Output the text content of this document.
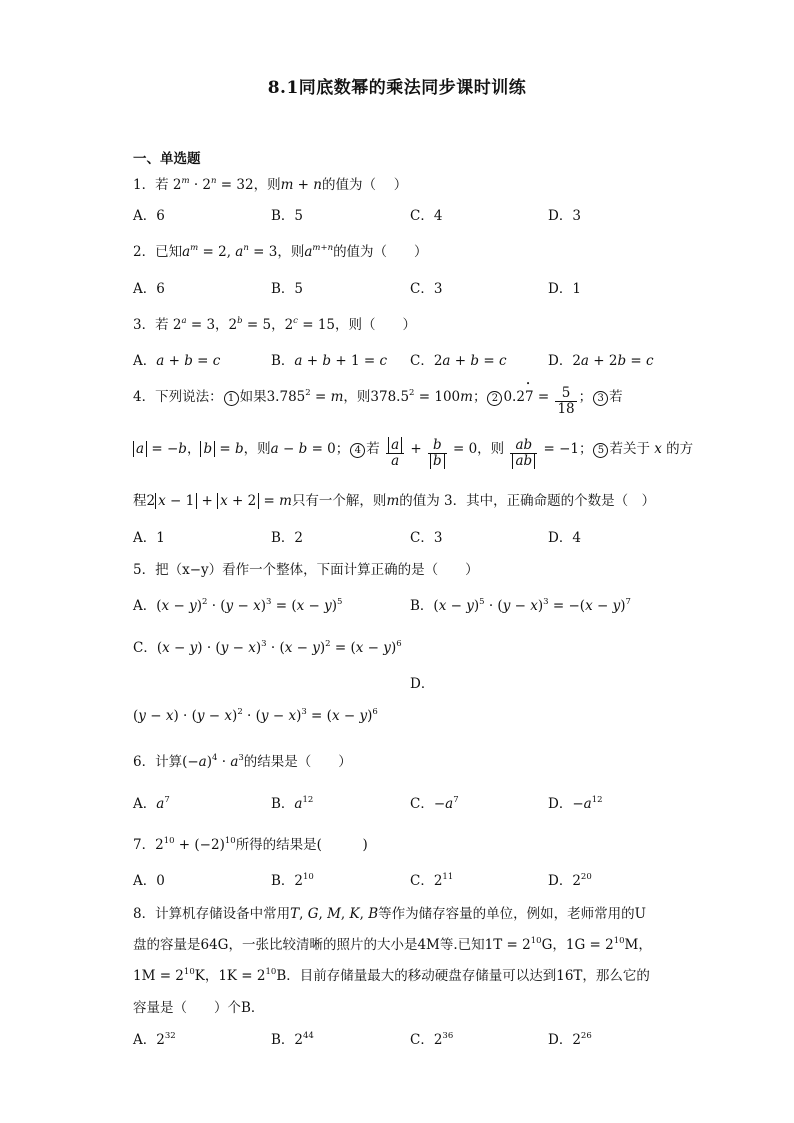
8.1同底数幂的乘法同步课时训练
一、单选题
1．若 $2^m \cdot 2^n = 32$，则m + n的值为（　 ）
A．6	B．5	C．4	D．3
2．已知$a^m = 2$, $a^n = 3$，则$a^{m+n}$的值为（　　）
A．6	B．5	C．3	D．1
3．若 $2^a = 3$，$2^b = 5$，$2^c = 15$，则（　　）
A．a + b = c	B．a + b + 1 = c C．2a + b = c	D．2a + 2b = c
4．下列说法： 1 如果$3.785^2 = m$，则$378.5^2 = 100m$； 2 0.2• $7 = \frac{5}{18}$ ； 3 若
a = −b， b = b，则a − b = 0； 4 若 $\frac{a}{a} + \frac{b}{b} = 0$，则 $\frac{ab}{ab} = -1$； 5 若关于 x 的方
程2 x − 1 + x + 2 = m只有一个解，则m的值为 3．其中，正确命题的个数是（　）
A．1	B．2	C．3	D．4
5．把（x−y）看作一个整体，下面计算正确的是（　　）
A．$(x - y)^2 \cdot (y - x)^3 = (x - y)^5$	B．$(x - y)^5 \cdot (y - x)^3 = -(x - y)^7$
C．$(x - y) \cdot (y - x)^3 \cdot (x - y)^2 = (x - y)^6$
D．
$(y - x) \cdot (y - x)^2 \cdot (y - x)^3 = (x - y)^6$
6．计算$(-a)^4 \cdot a^3$的结果是（　　）
A．$a^7$	B．$a^{12}$	C．$-a^7$	D．$-a^{12}$
7．$2^{10} + (-2)^{10}$所得的结果是(　　　)
A．0	B．$2^{10}$	C．$2^{11}$	D．$2^{20}$
8．计算机存储设备中常用T, G, M, K, B等作为储存容量的单位，例如，老师常用的U
盘的容量是64G，一张比较清晰的照片的大小是4M等.已知$1T = 2^{10}G$，$1G = 2^{10}M$，
$1M = 2^{10}K$，$1K = 2^{10}B$．目前存储量最大的移动硬盘存储量可以达到16T，那么它的
容量是（　　）个B．
A．$2^{32}$	B．$2^{44}$	C．$2^{36}$	D．$2^{26}$
